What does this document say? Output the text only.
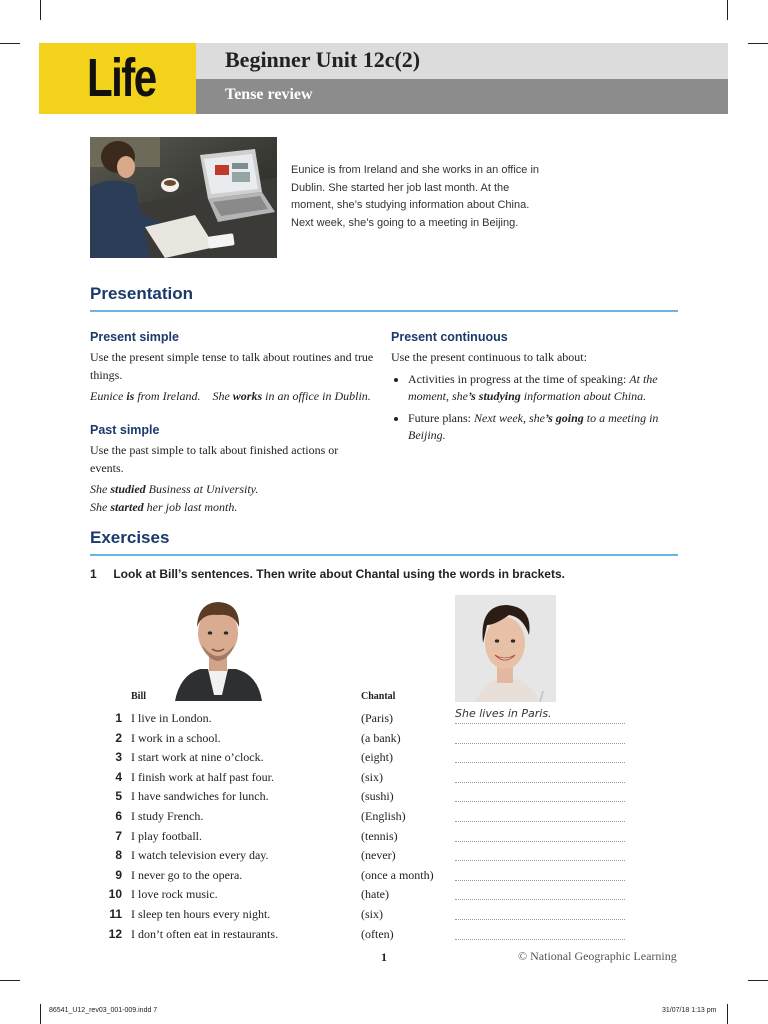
Life	Beginner Unit 12c(2)
Tense review
Eunice is from Ireland and she works in an office in Dublin. She started her job last month. At the moment, she’s studying information about China. Next week, she’s going to a meeting in Beijing.
Presentation
Present simple
Use the present simple tense to talk about routines and true things.
Eunice is from Ireland. She works in an office in Dublin.
Past simple
Use the past simple to talk about finished actions or events.
She studied Business at University.
She started her job last month.
Present continuous
Use the present continuous to talk about:
• Activities in progress at the time of speaking: At the moment, she’s studying information about China.
• Future plans: Next week, she’s going to a meeting in Beijing.
Exercises
1 Look at Bill’s sentences. Then write about Chantal using the words in brackets.
Bill	Chantal
1 I live in London.	(Paris)	She lives in Paris.
2 I work in a school.	(a bank)
3 I start work at nine o’clock.	(eight)
4 I finish work at half past four.	(six)
5 I have sandwiches for lunch.	(sushi)
6 I study French.	(English)
7 I play football.	(tennis)
8 I watch television every day.	(never)
9 I never go to the opera.	(once a month)
10 I love rock music.	(hate)
11 I sleep ten hours every night.	(six)
12 I don’t often eat in restaurants.	(often)
1	© National Geographic Learning
86541_U12_rev03_001-009.indd 7	31/07/18 1:13 pm
